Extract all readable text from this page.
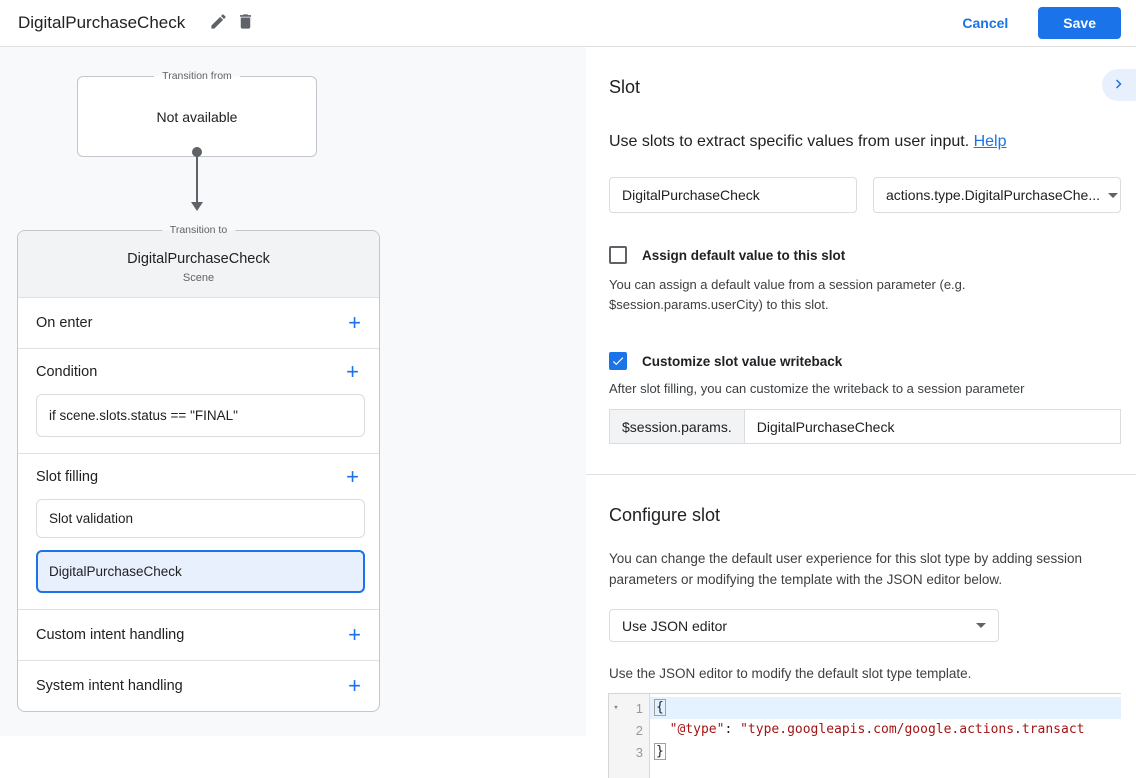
DigitalPurchaseCheck	Cancel	Save
Transition from
Not available
Transition to
DigitalPurchaseCheck
Scene
On enter	+
Condition	+
if scene.slots.status == "FINAL"
Slot filling	+
Slot validation
DigitalPurchaseCheck
Custom intent handling	+
System intent handling	+
Slot

Use slots to extract specific values from user input. Help

DigitalPurchaseCheck
actions.type.DigitalPurchaseChe...
Assign default value to this slot

You can assign a default value from a session parameter (e.g. $session.params.userCity) to this slot.

Customize slot value writeback

After slot filling, you can customize the writeback to a session parameter

$session.params.	DigitalPurchaseCheck
Configure slot

You can change the default user experience for this slot type by adding session parameters or modifying the template with the JSON editor below.

Use JSON editor

Use the JSON editor to modify the default slot type template.

▾	1
2
3
{
"@type": "type.googleapis.com/google.actions.transact
}
